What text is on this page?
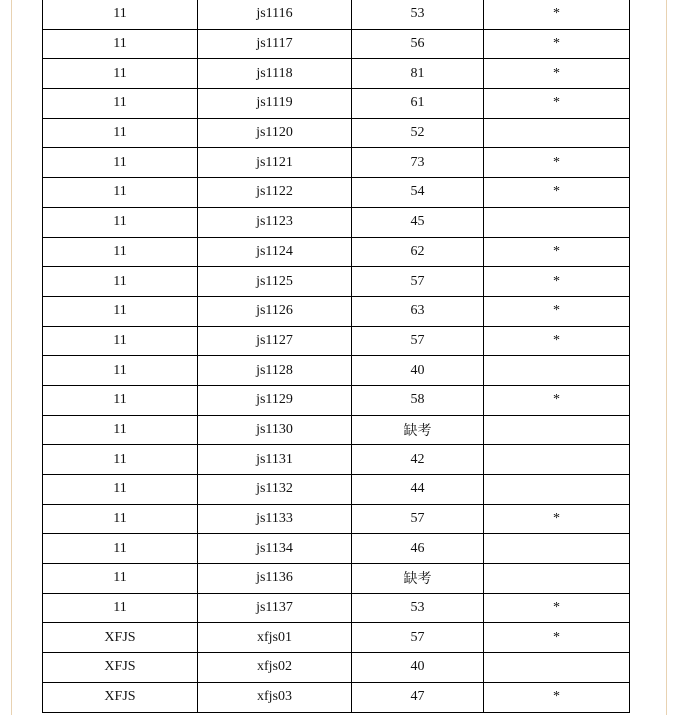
11	js1116	53	*
11	js1117	56	*
11	js1118	81	*
11	js1119	61	*
11	js1120	52	
11	js1121	73	*
11	js1122	54	*
11	js1123	45	
11	js1124	62	*
11	js1125	57	*
11	js1126	63	*
11	js1127	57	*
11	js1128	40	
11	js1129	58	*
11	js1130	缺考	
11	js1131	42	
11	js1132	44	
11	js1133	57	*
11	js1134	46	
11	js1136	缺考	
11	js1137	53	*
XFJS	xfjs01	57	*
XFJS	xfjs02	40	
XFJS	xfjs03	47	*
